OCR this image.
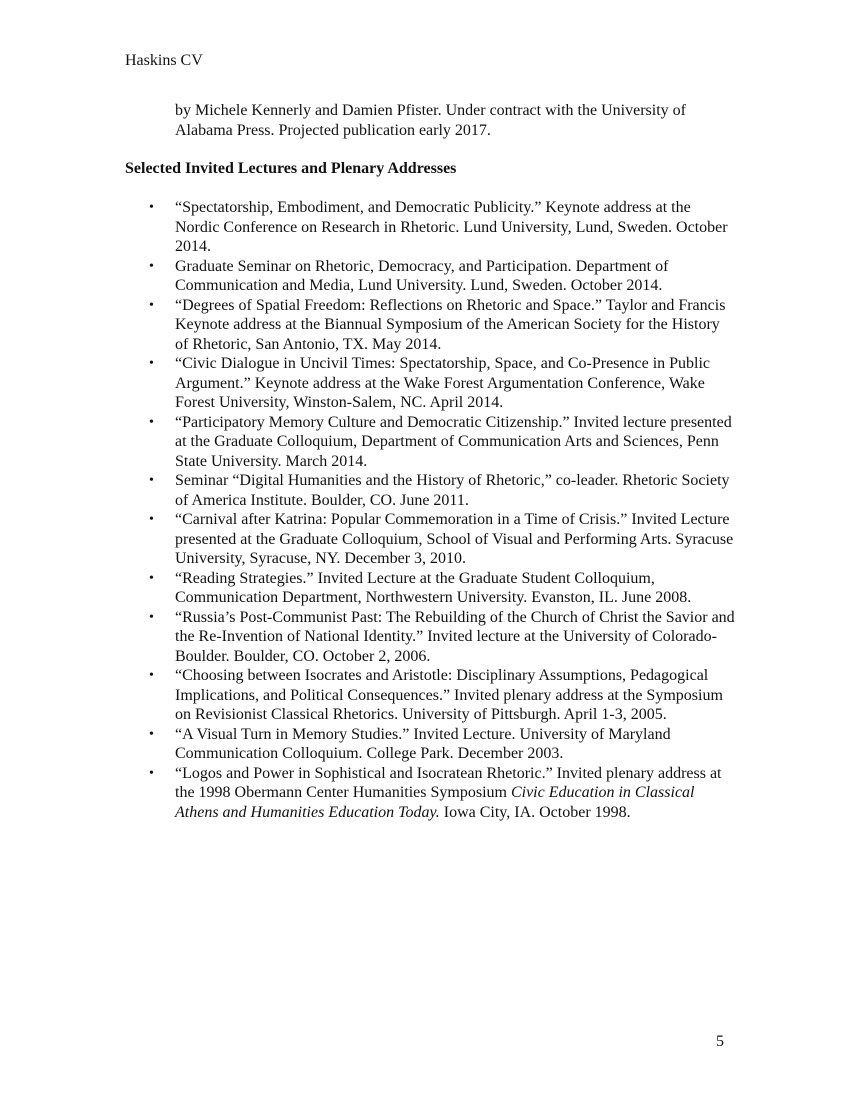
Haskins CV
by Michele Kennerly and Damien Pfister. Under contract with the University of Alabama Press. Projected publication early 2017.
Selected Invited Lectures and Plenary Addresses
• “Spectatorship, Embodiment, and Democratic Publicity.” Keynote address at the Nordic Conference on Research in Rhetoric. Lund University, Lund, Sweden. October 2014.
• Graduate Seminar on Rhetoric, Democracy, and Participation. Department of Communication and Media, Lund University. Lund, Sweden. October 2014.
• “Degrees of Spatial Freedom: Reflections on Rhetoric and Space.” Taylor and Francis Keynote address at the Biannual Symposium of the American Society for the History of Rhetoric, San Antonio, TX. May 2014.
• “Civic Dialogue in Uncivil Times: Spectatorship, Space, and Co-Presence in Public Argument.” Keynote address at the Wake Forest Argumentation Conference, Wake Forest University, Winston-Salem, NC. April 2014.
• “Participatory Memory Culture and Democratic Citizenship.” Invited lecture presented at the Graduate Colloquium, Department of Communication Arts and Sciences, Penn State University. March 2014.
• Seminar “Digital Humanities and the History of Rhetoric,” co-leader. Rhetoric Society of America Institute. Boulder, CO. June 2011.
• “Carnival after Katrina: Popular Commemoration in a Time of Crisis.” Invited Lecture presented at the Graduate Colloquium, School of Visual and Performing Arts. Syracuse University, Syracuse, NY. December 3, 2010.
• “Reading Strategies.” Invited Lecture at the Graduate Student Colloquium, Communication Department, Northwestern University. Evanston, IL. June 2008.
• “Russia’s Post-Communist Past: The Rebuilding of the Church of Christ the Savior and the Re-Invention of National Identity.” Invited lecture at the University of Colorado-Boulder. Boulder, CO. October 2, 2006.
• “Choosing between Isocrates and Aristotle: Disciplinary Assumptions, Pedagogical Implications, and Political Consequences.” Invited plenary address at the Symposium on Revisionist Classical Rhetorics. University of Pittsburgh. April 1-3, 2005.
• “A Visual Turn in Memory Studies.” Invited Lecture. University of Maryland Communication Colloquium. College Park. December 2003.
• “Logos and Power in Sophistical and Isocratean Rhetoric.” Invited plenary address at the 1998 Obermann Center Humanities Symposium Civic Education in Classical Athens and Humanities Education Today. Iowa City, IA. October 1998.
5
